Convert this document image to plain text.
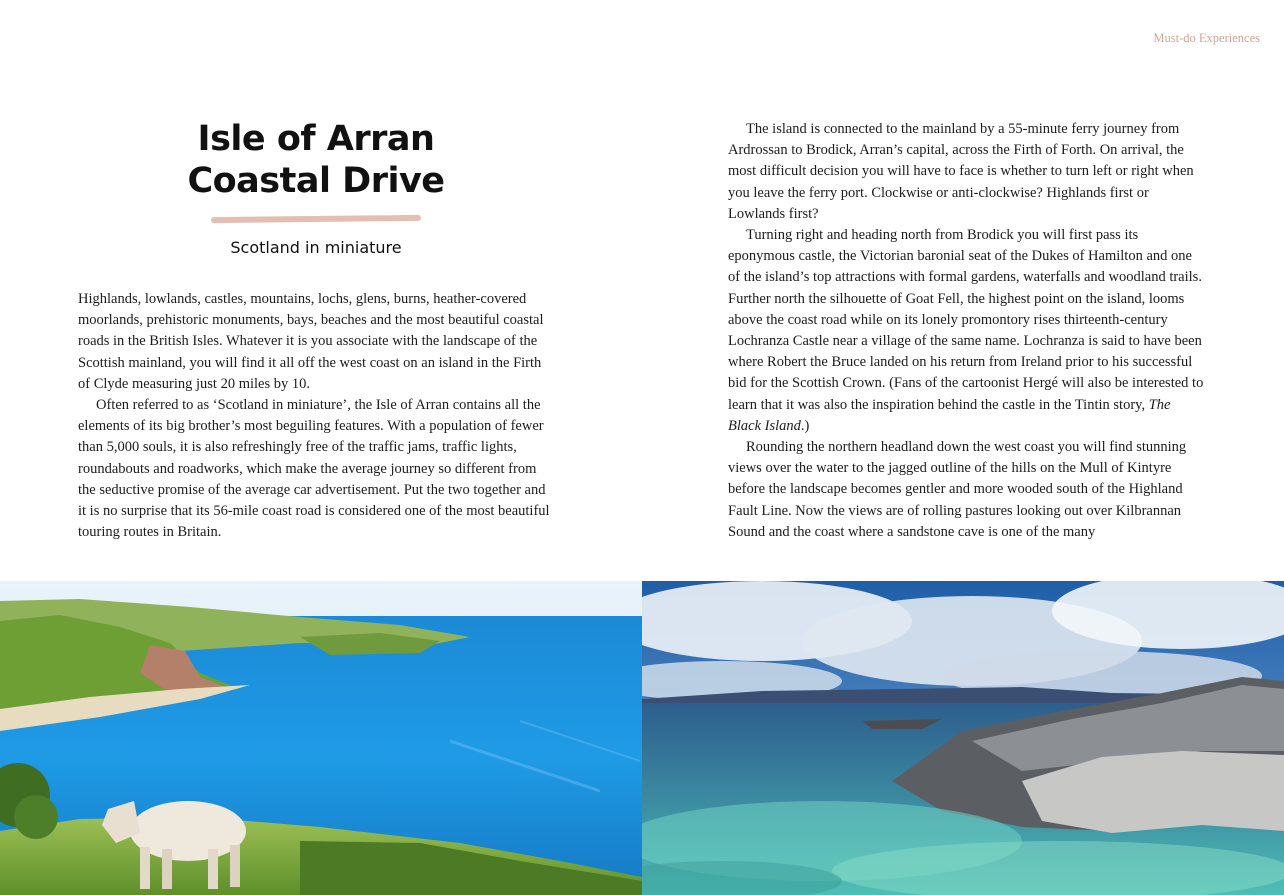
Must-do Experiences
Isle of Arran
Coastal Drive
Scotland in miniature

Highlands, lowlands, castles, mountains, lochs, glens, burns, heather-covered moorlands, prehistoric monuments, bays, beaches and the most beautiful coastal roads in the British Isles. Whatever it is you associate with the landscape of the Scottish mainland, you will find it all off the west coast on an island in the Firth of Clyde measuring just 20 miles by 10.

Often referred to as ‘Scotland in miniature’, the Isle of Arran contains all the elements of its big brother’s most beguiling features. With a population of fewer than 5,000 souls, it is also refreshingly free of the traffic jams, traffic lights, roundabouts and roadworks, which make the average journey so different from the seductive promise of the average car advertisement. Put the two together and it is no surprise that its 56-mile coast road is considered one of the most beautiful touring routes in Britain.

The island is connected to the mainland by a 55-minute ferry journey from Ardrossan to Brodick, Arran’s capital, across the Firth of Forth. On arrival, the most difficult decision you will have to face is whether to turn left or right when you leave the ferry port. Clockwise or anti-clockwise? Highlands first or Lowlands first?

Turning right and heading north from Brodick you will first pass its eponymous castle, the Victorian baronial seat of the Dukes of Hamilton and one of the island’s top attractions with formal gardens, waterfalls and woodland trails. Further north the silhouette of Goat Fell, the highest point on the island, looms above the coast road while on its lonely promontory rises thirteenth-century Lochranza Castle near a village of the same name. Lochranza is said to have been where Robert the Bruce landed on his return from Ireland prior to his successful bid for the Scottish Crown. (Fans of the cartoonist Hergé will also be interested to learn that it was also the inspiration behind the castle in the Tintin story, The Black Island.)

Rounding the northern headland down the west coast you will find stunning views over the water to the jagged outline of the hills on the Mull of Kintyre before the landscape becomes gentler and more wooded south of the Highland Fault Line. Now the views are of rolling pastures looking out over Kilbrannan Sound and the coast where a sandstone cave is one of the many
